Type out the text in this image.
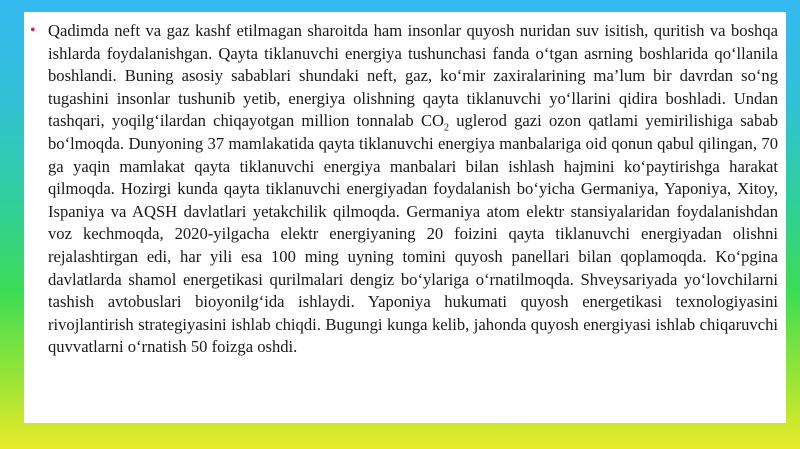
• Qadimda neft va gaz kashf etilmagan sharoitda ham insonlar quyosh nuridan suv isitish, quritish va boshqa ishlarda foydalanishgan. Qayta tiklanuvchi energiya tushunchasi fanda o‘tgan asrning boshlarida qo‘llanila boshlandi. Buning asosiy sabablari shundaki neft, gaz, ko‘mir zaxiralarining ma’lum bir davrdan so‘ng tugashini insonlar tushunib yetib, energiya olishning qayta tiklanuvchi yo‘llarini qidira boshladi. Undan tashqari, yoqilg‘ilardan chiqayotgan million tonnalab $CO_2$ uglerod gazi ozon qatlami yemirilishiga sabab bo‘lmoqda. Dunyoning 37 mamlakatida qayta tiklanuvchi energiya manbalariga oid qonun qabul qilingan, 70 ga yaqin mamlakat qayta tiklanuvchi energiya manbalari bilan ishlash hajmini ko‘paytirishga harakat qilmoqda. Hozirgi kunda qayta tiklanuvchi energiyadan foydalanish bo‘yicha Germaniya, Yaponiya, Xitoy, Ispaniya va AQSH davlatlari yetakchilik qilmoqda. Germaniya atom elektr stansiyalaridan foydalanishdan voz kechmoqda, 2020-yilgacha elektr energiyaning 20 foizini qayta tiklanuvchi energiyadan olishni rejalashtirgan edi, har yili esa 100 ming uyning tomini quyosh panellari bilan qoplamoqda. Ko‘pgina davlatlarda shamol energetikasi qurilmalari dengiz bo‘ylariga o‘rnatilmoqda. Shveysariyada yo‘lovchilarni tashish avtobuslari bioyonilg‘ida ishlaydi. Yaponiya hukumati quyosh energetikasi texnologiyasini rivojlantirish strategiyasini ishlab chiqdi. Bugungi kunga kelib, jahonda quyosh energiyasi ishlab chiqaruvchi quvvatlarni o‘rnatish 50 foizga oshdi.
